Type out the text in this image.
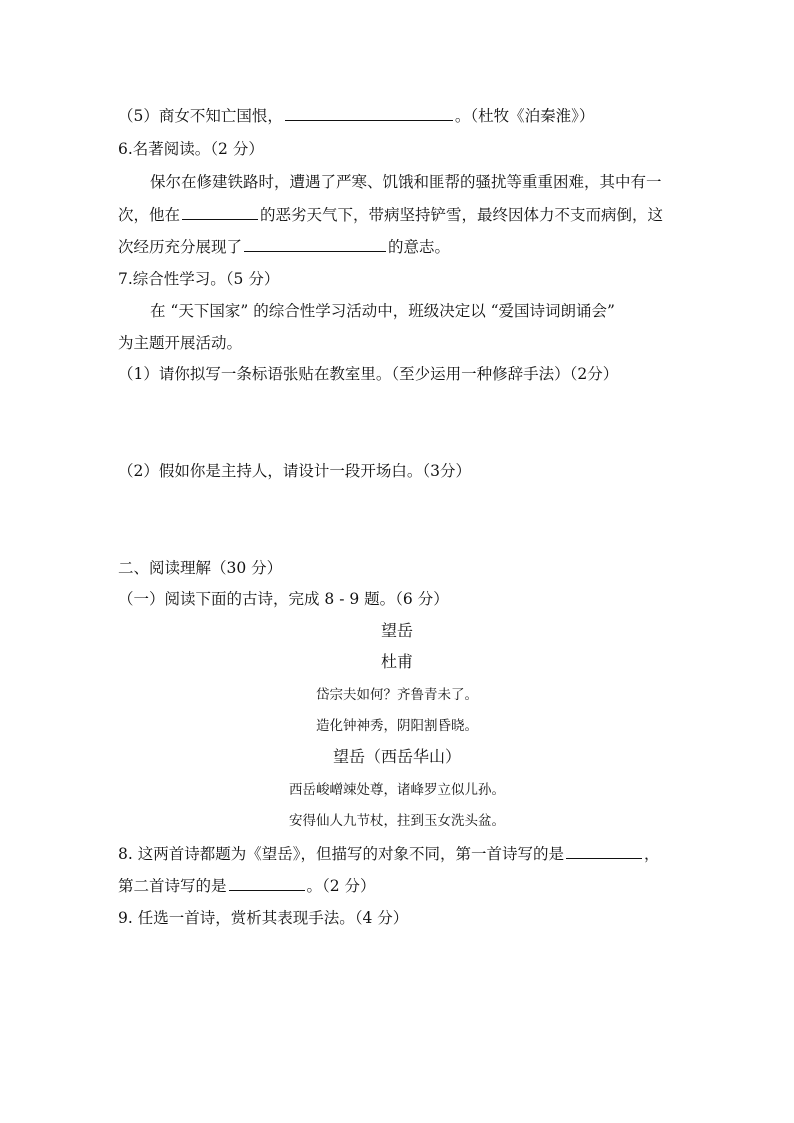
（5）商女不知亡国恨，	。（杜牧《泊秦淮》）
6.名著阅读。（2 分）
保尔在修建铁路时，遭遇了严寒、饥饿和匪帮的骚扰等重重困难，其中有一
次，他在	的恶劣天气下，带病坚持铲雪，最终因体力不支而病倒，这
次经历充分展现了	的意志。
7.综合性学习。（5 分）
在 “天下国家” 的综合性学习活动中，班级决定以 “爱国诗词朗诵会”
为主题开展活动。
（1）请你拟写一条标语张贴在教室里。（至少运用一种修辞手法）（2分）
（2）假如你是主持人，请设计一段开场白。（3分）
二、阅读理解（30 分）
（一）阅读下面的古诗，完成 8 - 9 题。（6 分）
望岳
杜甫
岱宗夫如何？齐鲁青未了。
造化钟神秀，阴阳割昏晓。
望岳（西岳华山）
西岳峻嶒竦处尊，诸峰罗立似儿孙。
安得仙人九节杖，拄到玉女洗头盆。
8. 这两首诗都题为《望岳》，但描写的对象不同，第一首诗写的是	，
第二首诗写的是	。（2 分）
9. 任选一首诗，赏析其表现手法。（4 分）
